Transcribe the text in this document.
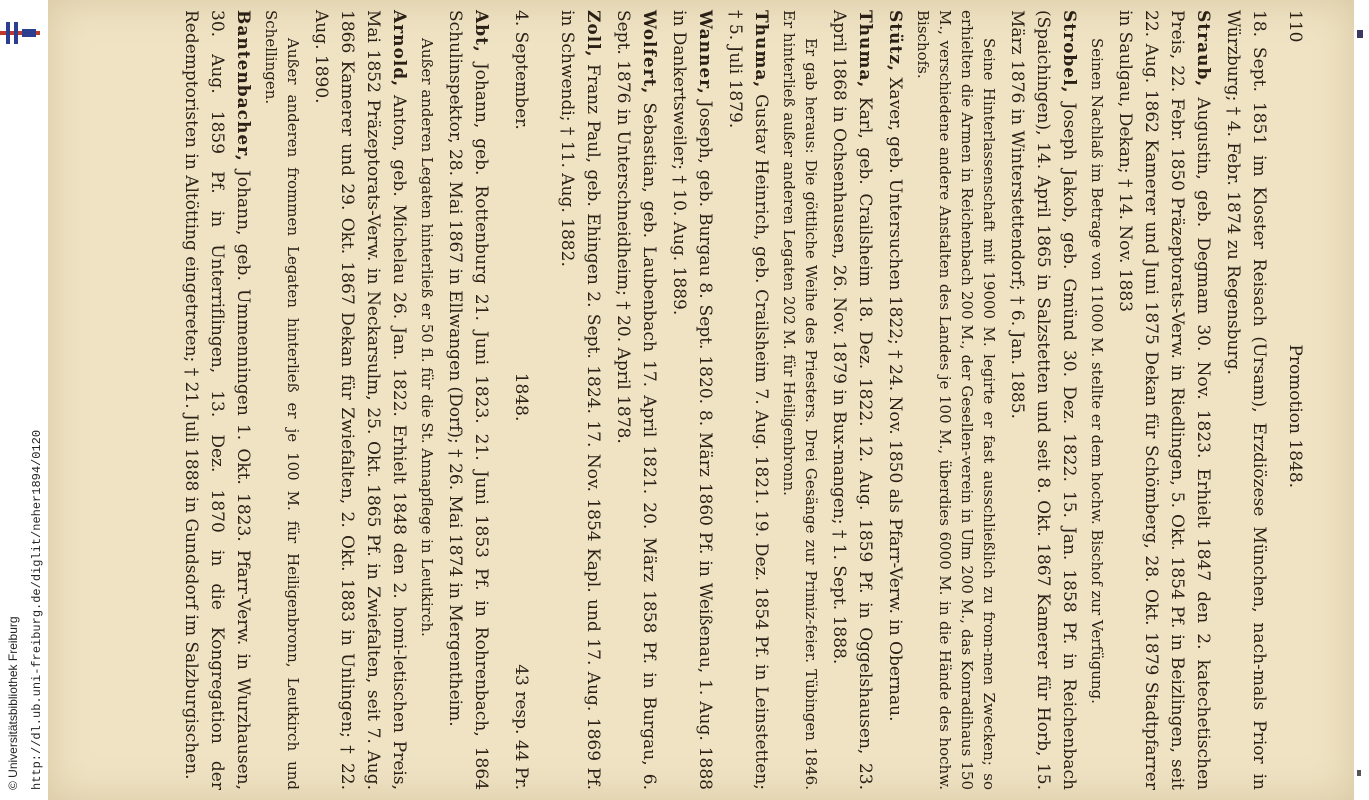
http://dl.ub.uni-freiburg.de/diglit/neher1894/0120
© Universitätsbibliothek Freiburg
110
Promotion 1848.

18. Sept. 1851 im Kloster Reisach (Ursam), Erzdiözese München, nach-mals Prior in Würzburg; † 4. Febr. 1874 zu Regensburg.

Straub, Augustin, geb. Degmam 30. Nov. 1823. Erhielt 1847 den 2. katechetischen Preis, 22. Febr. 1850 Präzeptorats-Verw. in Riedlingen, 5. Okt. 1854 Pf. in Beizlingen, seit 22. Aug. 1862 Kamerer und Juni 1875 Dekan für Schömberg, 28. Okt. 1879 Stadtpfarrer in Saulgau, Dekan; † 14. Nov. 1883

Seinen Nachlaß im Betrage von 11000 M. stellte er dem hochw. Bischof zur Verfügung.

Strobel, Joseph Jakob, geb. Gmünd 30. Dez. 1822. 15. Jan. 1858 Pf. in Reichenbach (Spaichingen), 14. April 1865 in Salzstetten und seit 8. Okt. 1867 Kamerer für Horb, 15. März 1876 in Winterstettendorf; † 6. Jan. 1885.

Seine Hinterlassenschaft mit 19000 M. legirte er fast ausschließlich zu from-men Zwecken; so erhielten die Armen in Reichenbach 200 M., der Gesellen-verein in Ulm 200 M., das Konradihaus 150 M., verschiedene andere Anstalten des Landes je 100 M., überdies 6000 M. in die Hände des hochw. Bischofs.

Stütz, Xaver, geb. Untersuchen 1822; † 24. Nov. 1850 als Pfarr-Verw. in Obernau.

Thuma, Karl, geb. Crailsheim 18. Dez. 1822. 12. Aug. 1859 Pf. in Oggelshausen, 23. April 1868 in Ochsenhausen, 26. Nov. 1879 in Bux-mangen; † 1. Sept. 1888.

Er gab heraus: Die göttliche Weihe des Priesters. Drei Gesänge zur Primiz-feier. Tübingen 1846. Er hinterließ außer anderen Legaten 202 M. für Heiligenbronn.

Thuma, Gustav Heinrich, geb. Crailsheim 7. Aug. 1821. 19. Dez. 1854 Pf. in Leinstetten; † 5. Juli 1879.

Wanner, Joseph, geb. Burgau 8. Sept. 1820. 8. März 1860 Pf. in Weißenau, 1. Aug. 1888 in Dankertsweiler; † 10. Aug. 1889.

Wolfert, Sebastian, geb. Laubenbach 17. April 1821. 20. März 1858 Pf. in Burgau, 6. Sept. 1876 in Unterschneidheim; † 20. April 1878.

Zoll, Franz Paul, geb. Ehingen 2. Sept. 1824. 17. Nov. 1854 Kapl. und 17. Aug. 1869 Pf. in Schwendi; † 11. Aug. 1882.

4. September.
1848.
43 resp. 44 Pr.

Abt, Johann, geb. Rottenburg 21. Juni 1823. 21. Juni 1853 Pf. in Rohrenbach, 1864 Schulinspektor, 28. Mai 1867 in Ellwangen (Dorf); † 26. Mai 1874 in Mergentheim.

Außer anderen Legaten hinterließ er 50 fl. für die St. Annapflege in Leutkirch.

Arnold, Anton, geb. Michelau 26. Jan. 1822. Erhielt 1848 den 2. homi-letischen Preis, Mai 1852 Präzeptorats-Verw. in Neckarsulm, 25. Okt. 1865 Pf. in Zwiefalten, seit 7. Aug. 1866 Kamerer und 29. Okt. 1867 Dekan für Zwiefalten, 2. Okt. 1883 in Unlingen; † 22. Aug. 1890.

Außer anderen frommen Legaten hinterließ er je 100 M. für Heiligenbronn, Leutkirch und Schellingen.

Bantenbacher, Johann, geb. Ummenningen 1. Okt. 1823. Pfarr-Verw. in Wurzhausen, 30. Aug. 1859 Pf. in Unterriflingen, 13. Dez. 1870 in die Kongregation der Redemptoristen in Altötting eingetreten; † 21. Juli 1888 in Gundsdorf im Salzburgischen.
